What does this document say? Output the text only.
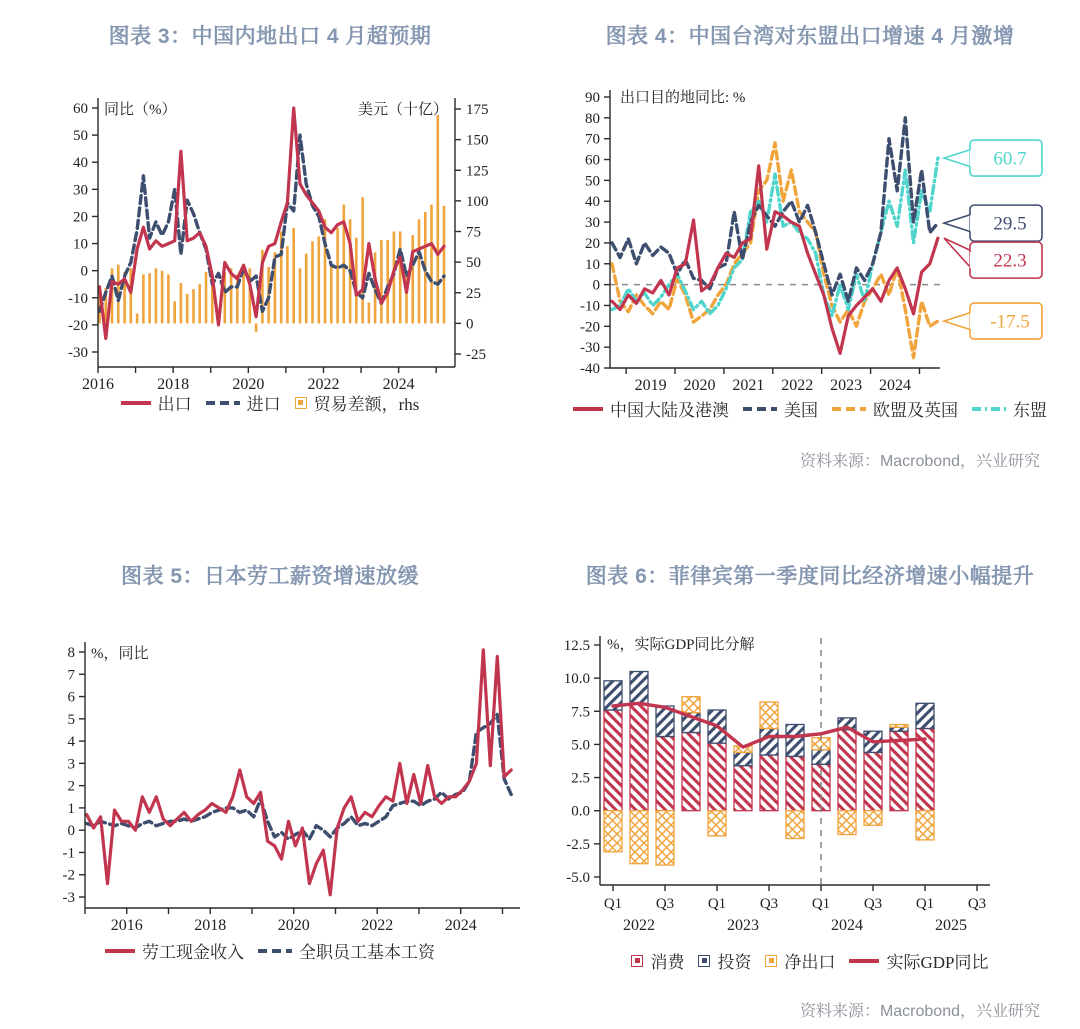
图表 3：中国内地出口 4 月超预期	图表 4：中国台湾对东盟出口增速 4 月激增
60
50
40
30
20
10
0
-10
-20
-30
175
150
125
100
75
50
25
0
-25
2016	2018	2020	2022	2024
同比（%）	美元（十亿）
90
80
70
60
50
40
30
20
10
0
-10
-20
-30
-40
2019 2020 2021 2022 2023 2024
出口目的地同比: %
60.7
29.5
22.3
-17.5
出口	进口 贸易差额，rhs	中国大陆及港澳	美国	欧盟及英国	东盟
资料来源：Macrobond，兴业研究
图表 5：日本劳工薪资增速放缓	图表 6：菲律宾第一季度同比经济增速小幅提升
8
7
6
5
4
3
2
1
0
-1
-2
-3
2016	2018	2020	2022	2024
%，同比	12.5
10.0
7.5
5.0
2.5
0.0
-2.5
-5.0
Q1 Q3 Q1 Q3 Q1 Q3 Q1 Q3
2022	2023	2024	2025
%，实际GDP同比分解
劳工现金收入	全职员工基本工资
消费 投资 净出口	实际GDP同比
资料来源：Macrobond，兴业研究
